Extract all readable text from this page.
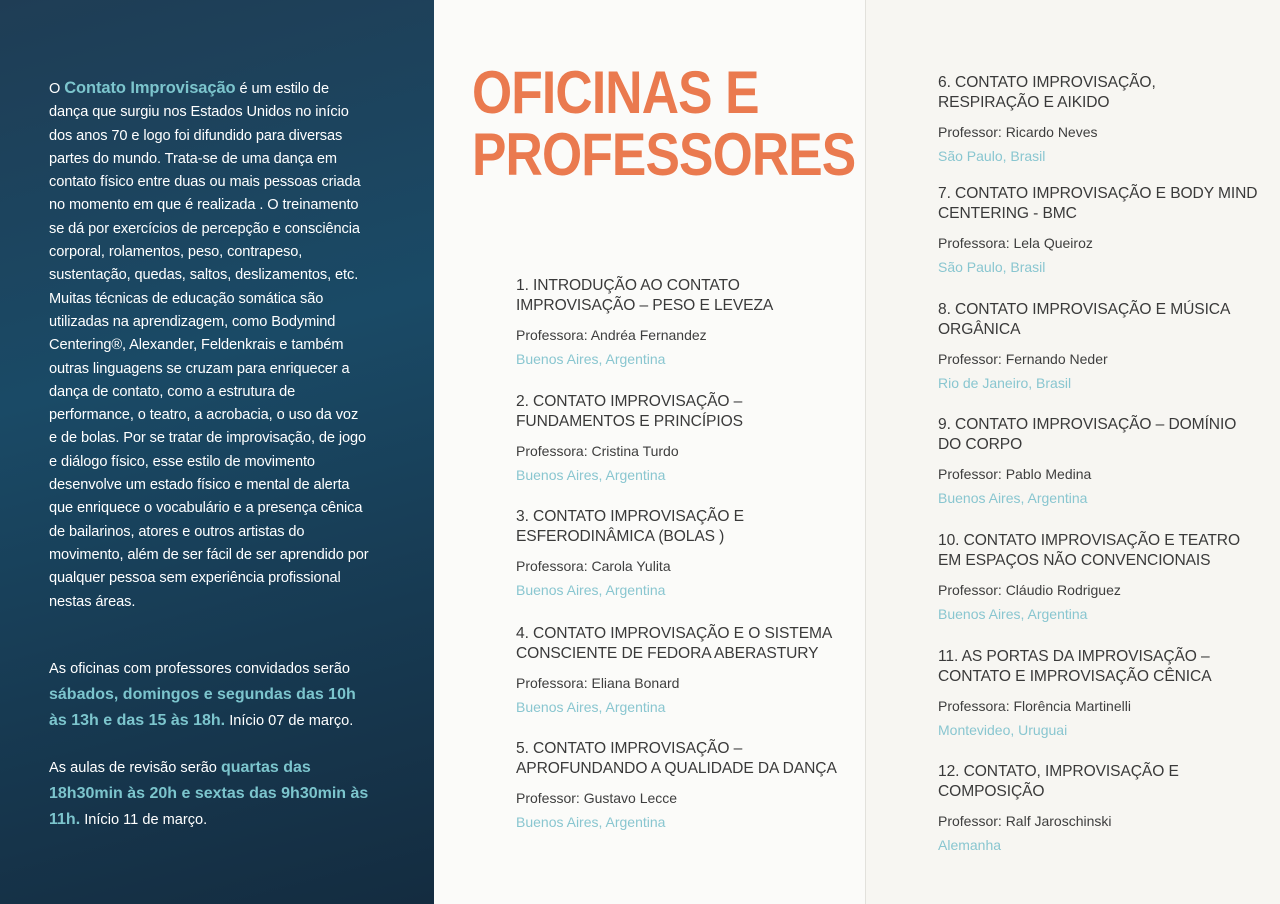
O Contato Improvisação é um estilo de dança que surgiu nos Estados Unidos no início dos anos 70 e logo foi difundido para diversas partes do mundo. Trata-se de uma dança em contato físico entre duas ou mais pessoas criada no momento em que é realizada . O treinamento se dá por exercícios de percepção e consciência corporal, rolamentos, peso, contrapeso, sustentação, quedas, saltos, deslizamentos, etc. Muitas técnicas de educação somática são utilizadas na aprendizagem, como Bodymind Centering®, Alexander, Feldenkrais e também outras linguagens se cruzam para enriquecer a dança de contato, como a estrutura de performance, o teatro, a acrobacia, o uso da voz e de bolas. Por se tratar de improvisação, de jogo e diálogo físico, esse estilo de movimento desenvolve um estado físico e mental de alerta que enriquece o vocabulário e a presença cênica de bailarinos, atores e outros artistas do movimento, além de ser fácil de ser aprendido por qualquer pessoa sem experiência profissional nestas áreas.

As oficinas com professores convidados serão sábados, domingos e segundas das 10h às 13h e das 15 às 18h. Início 07 de março.

As aulas de revisão serão quartas das 18h30min às 20h e sextas das 9h30min às 11h. Início 11 de março.

OFICINAS E
PROFESSORES
1. INTRODUÇÃO AO CONTATO IMPROVISAÇÃO – PESO E LEVEZA
Professora: Andréa Fernandez
Buenos Aires, Argentina
2. CONTATO IMPROVISAÇÃO – FUNDAMENTOS E PRINCÍPIOS
Professora: Cristina Turdo
Buenos Aires, Argentina
3. CONTATO IMPROVISAÇÃO E ESFERODINÂMICA (BOLAS )
Professora: Carola Yulita
Buenos Aires, Argentina
4. CONTATO IMPROVISAÇÃO E O SISTEMA CONSCIENTE DE FEDORA ABERASTURY
Professora: Eliana Bonard
Buenos Aires, Argentina
5. CONTATO IMPROVISAÇÃO – APROFUNDANDO A QUALIDADE DA DANÇA
Professor: Gustavo Lecce
Buenos Aires, Argentina
6. CONTATO IMPROVISAÇÃO, RESPIRAÇÃO E AIKIDO
Professor: Ricardo Neves
São Paulo, Brasil
7. CONTATO IMPROVISAÇÃO E BODY MIND CENTERING - BMC
Professora: Lela Queiroz
São Paulo, Brasil
8. CONTATO IMPROVISAÇÃO E MÚSICA ORGÂNICA
Professor: Fernando Neder
Rio de Janeiro, Brasil
9. CONTATO IMPROVISAÇÃO – DOMÍNIO DO CORPO
Professor: Pablo Medina
Buenos Aires, Argentina
10. CONTATO IMPROVISAÇÃO E TEATRO EM ESPAÇOS NÃO CONVENCIONAIS
Professor: Cláudio Rodriguez
Buenos Aires, Argentina
11. AS PORTAS DA IMPROVISAÇÃO – CONTATO E IMPROVISAÇÃO CÊNICA
Professora: Florência Martinelli
Montevideo, Uruguai
12. CONTATO, IMPROVISAÇÃO E COMPOSIÇÃO
Professor: Ralf Jaroschinski
Alemanha
